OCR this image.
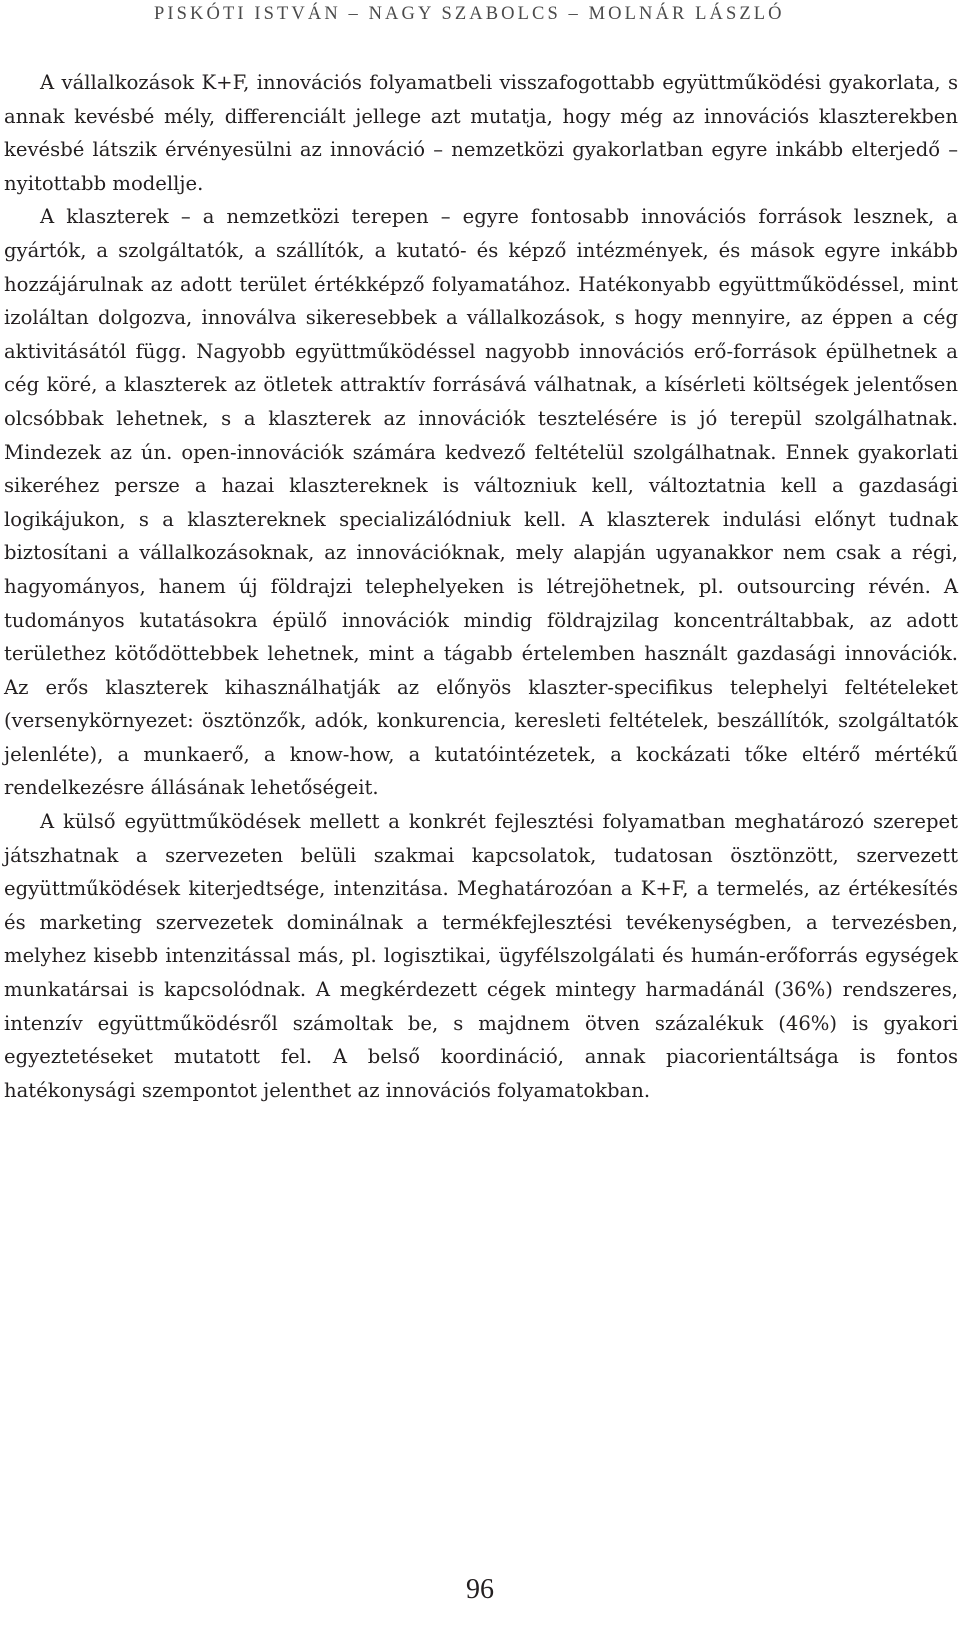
PISKÓTI ISTVÁN – NAGY SZABOLCS – MOLNÁR LÁSZLÓ

A vállalkozások K+F, innovációs folyamatbeli visszafogottabb együttműködési gyakorlata, s annak kevésbé mély, differenciált jellege azt mutatja, hogy még az innovációs klaszterekben kevésbé látszik érvényesülni az innováció – nemzetközi gyakorlatban egyre inkább elterjedő – nyitottabb modellje.

A klaszterek – a nemzetközi terepen – egyre fontosabb innovációs források lesznek, a gyártók, a szolgáltatók, a szállítók, a kutató- és képző intézmények, és mások egyre inkább hozzájárulnak az adott terület értékképző folyamatához. Hatékonyabb együttműködéssel, mint izoláltan dolgozva, innoválva sikeresebbek a vállalkozások, s hogy mennyire, az éppen a cég aktivitásától függ. Nagyobb együttműködéssel nagyobb innovációs erő-források épülhetnek a cég köré, a klaszterek az ötletek attraktív forrásává válhatnak, a kísérleti költségek jelentősen olcsóbbak lehetnek, s a klaszterek az innovációk tesztelésére is jó terepül szolgálhatnak. Mindezek az ún. open-innovációk számára kedvező feltételül szolgálhatnak. Ennek gyakorlati sikeréhez persze a hazai klasztereknek is változniuk kell, változtatnia kell a gazdasági logikájukon, s a klasztereknek specializálódniuk kell. A klaszterek indulási előnyt tudnak biztosítani a vállalkozásoknak, az innovációknak, mely alapján ugyanakkor nem csak a régi, hagyományos, hanem új földrajzi telephelyeken is létrejöhetnek, pl. outsourcing révén. A tudományos kutatásokra épülő innovációk mindig földrajzilag koncentráltabbak, az adott területhez kötődöttebbek lehetnek, mint a tágabb értelemben használt gazdasági innovációk. Az erős klaszterek kihasználhatják az előnyös klaszter-specifikus telephelyi feltételeket (versenykörnyezet: ösztönzők, adók, konkurencia, keresleti feltételek, beszállítók, szolgáltatók jelenléte), a munkaerő, a know-how, a kutatóintézetek, a kockázati tőke eltérő mértékű rendelkezésre állásának lehetőségeit.

A külső együttműködések mellett a konkrét fejlesztési folyamatban meghatározó szerepet játszhatnak a szervezeten belüli szakmai kapcsolatok, tudatosan ösztönzött, szervezett együttműködések kiterjedtsége, intenzitása. Meghatározóan a K+F, a termelés, az értékesítés és marketing szervezetek dominálnak a termékfejlesztési tevékenységben, a tervezésben, melyhez kisebb intenzitással más, pl. logisztikai, ügyfélszolgálati és humán-erőforrás egységek munkatársai is kapcsolódnak. A megkérdezett cégek mintegy harmadánál (36%) rendszeres, intenzív együttműködésről számoltak be, s majdnem ötven százalékuk (46%) is gyakori egyeztetéseket mutatott fel. A belső koordináció, annak piacorientáltsága is fontos hatékonysági szempontot jelenthet az innovációs folyamatokban.

96
